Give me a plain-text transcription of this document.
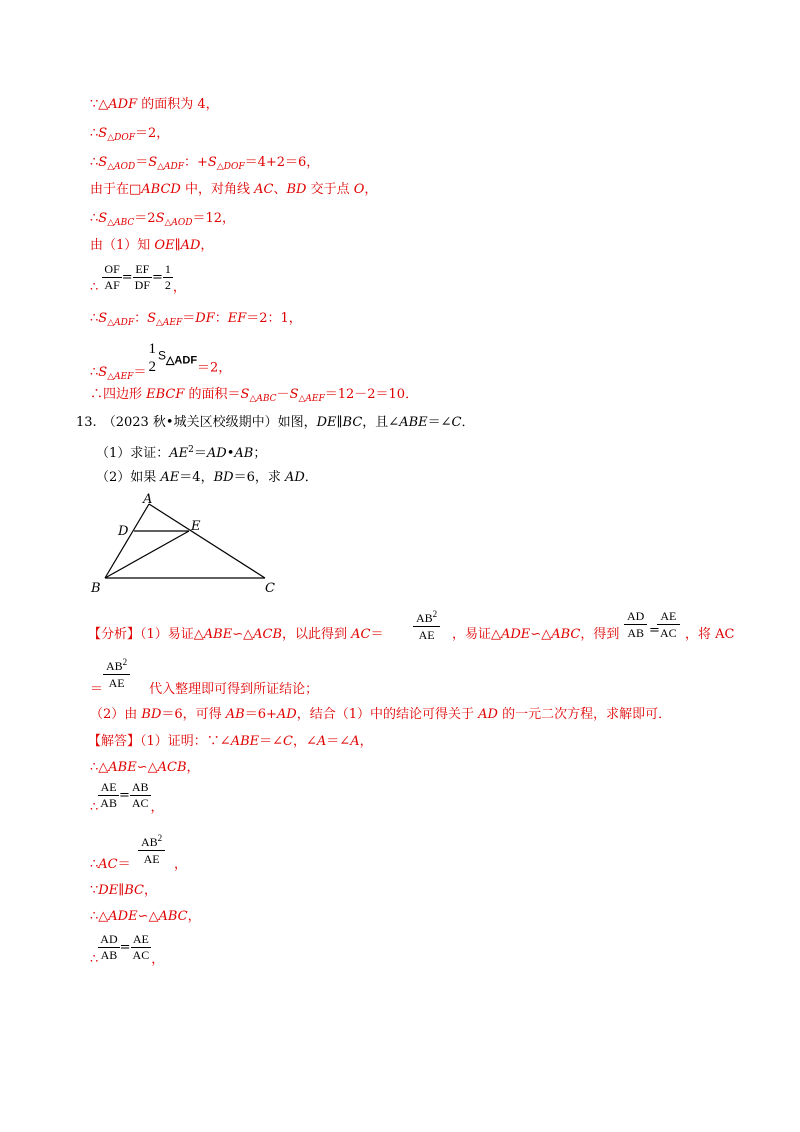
∵△ADF 的面积为 4，
$\therefore S_{\triangle DOF}=2$，
$\therefore S_{\triangle AOD}=S_{\triangle ADF}$：$+S_{\triangle DOF}=4+2=6$，
由于在□ABCD 中，对角线 AC、BD 交于点 O，
$\therefore S_{\triangle ABC}=2S_{\triangle AOD}=12$，
由（1）知 OE∥AD，
∴ $\frac{OF}{AF} = \frac{EF}{DF} = \frac{1}{2}$ ，
$\therefore S_{\triangle ADF}$：$S_{\triangle AEF}=DF$：EF＝2：1，
$\therefore S_{\triangle AEF}=$
1
2
S△ADF＝2，
∴四边形 EBCF 的面积$=S_{\triangle ABC}-S_{\triangle AEF}=12-2=10$．
13. （2023 秋•城关区校级期中）如图，DE∥BC，且∠ABE＝∠C．
（1）求证：$AE^2=AD•AB$；
（2）如果 AE＝4，BD＝6，求 AD．
A
D	E
B	C
【分析】（1）易证△ABE∽△ACB，以此得到 $AC= \frac{AB^2}{AE}$ ，易证△ADE∽△ABC，得到 $\frac{AD}{AB}$ =
$\frac{AE}{AC}$ ，将 AC
$\frac{AB^2}{AE}$
＝	代入整理即可得到所证结论；
（2）由 BD＝6，可得 AB＝6+AD，结合（1）中的结论可得关于 AD 的一元二次方程，求解即可．
【解答】（1）证明：∵∠ABE＝∠C，∠A＝∠A，
∴△ABE∽△ACB，
∴ $\frac{AE}{AB} = \frac{AB}{AC}$ ，
∴AC＝ $\frac{AB^2}{AE}$ ，
∵DE∥BC，
∴△ADE∽△ABC，
∴ $\frac{AD}{AB} = \frac{AE}{AC}$ ，
